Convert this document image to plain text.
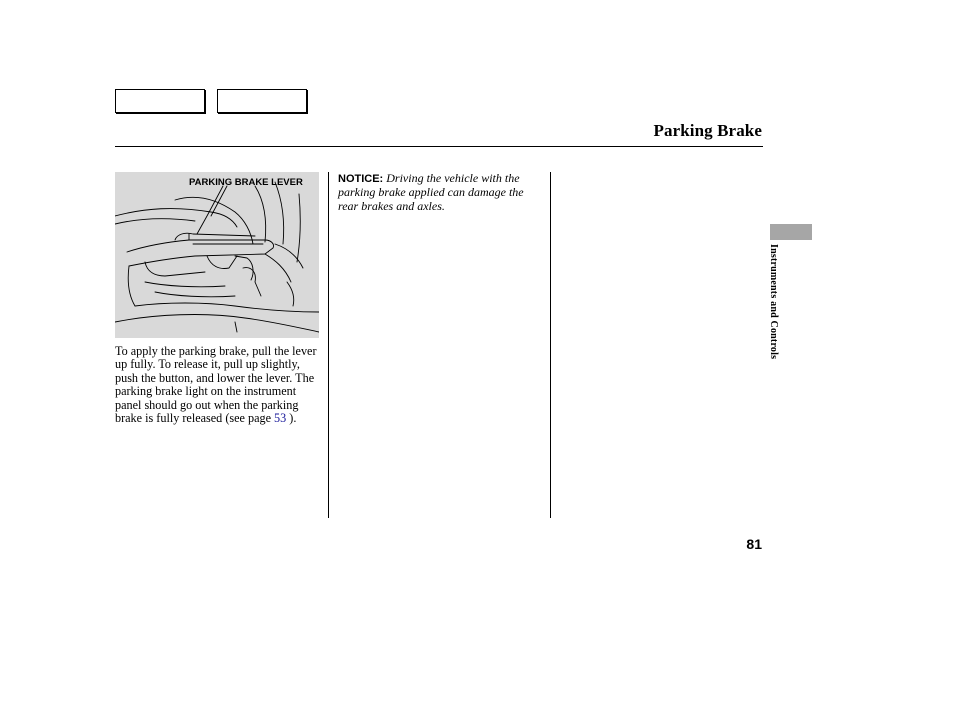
Parking Brake
PARKING BRAKE LEVER
To apply the parking brake, pull the lever up fully. To release it, pull up slightly, push the button, and lower the lever. The parking brake light on the instrument panel should go out when the parking brake is fully released (see page 53 ).
NOTICE: Driving the vehicle with the parking brake applied can damage the rear brakes and axles.
Instruments and Controls
81
